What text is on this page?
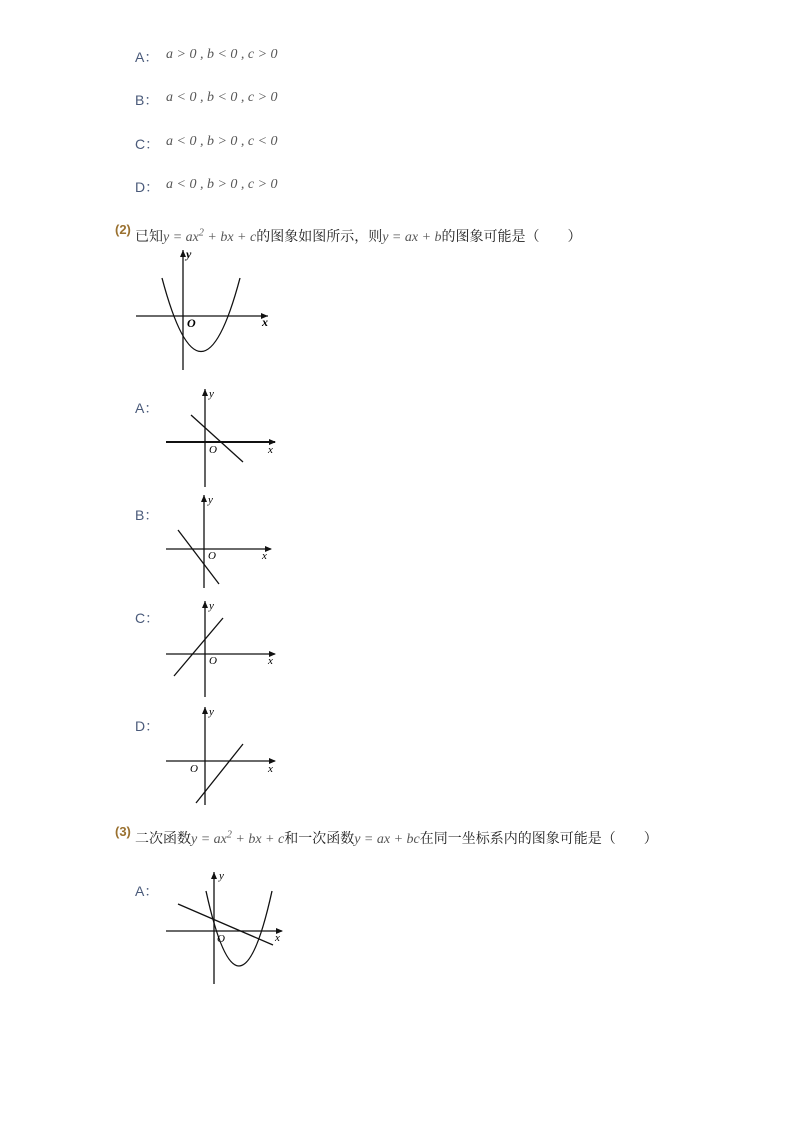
A： a > 0 , b < 0 , c > 0
B： a < 0 , b < 0 , c > 0
C： a < 0 , b > 0 , c < 0
D： a < 0 , b > 0 , c > 0
(2) 已知$y = ax^2$ + bx + c的图象如图所示，则y = ax + b的图象可能是（　　）
x
y
O
A：
x
y
O
B：
x
y
O
C：
x
y
O
D：
x
y
O
(3) 二次函数$y = ax^2$ + bx + c和一次函数y = ax + bc在同一坐标系内的图象可能是（　　）
A：
x
y
O
